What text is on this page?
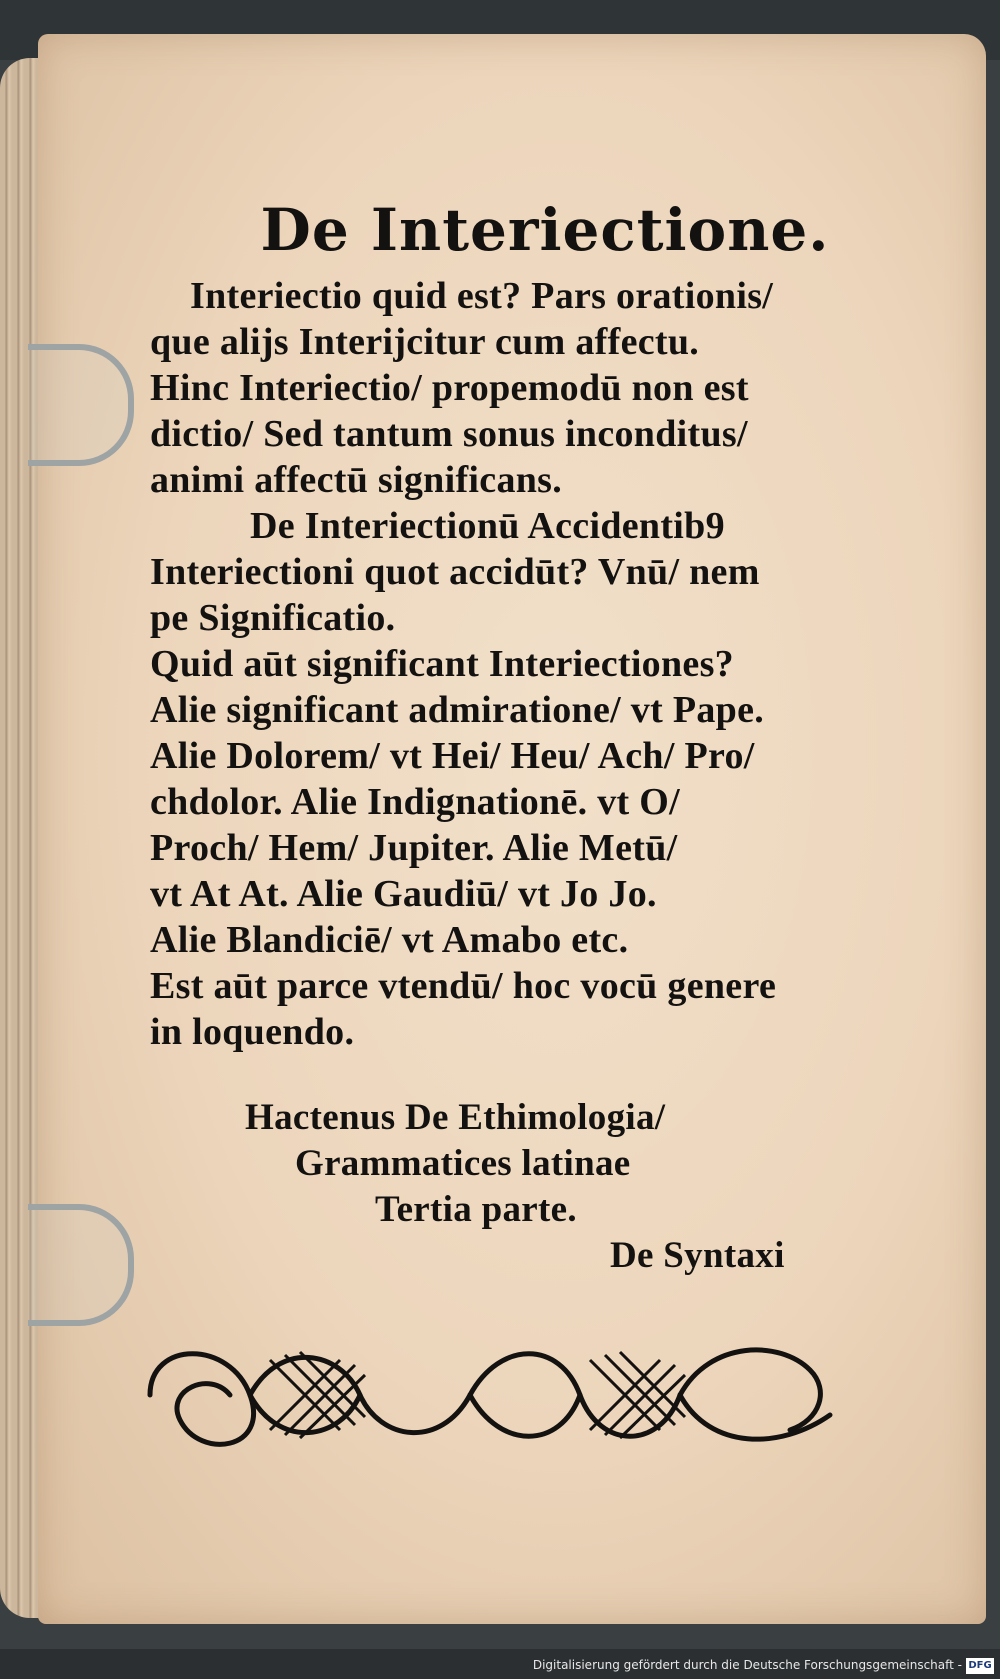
De Interiectione.
Interiectio quid est? Pars orationis/
que alijs Interijcitur cum affectu.
Hinc Interiectio/ propemodū non est
dictio/ Sed tantum sonus inconditus/
animi affectū significans.
De Interiectionū Accidentib9
Interiectioni quot accidūt? Vnū/ nem
pe Significatio.
Quid aūt significant Interiectiones?
Alie significant admiratione/ vt Pape.
Alie Dolorem/ vt Hei/ Heu/ Ach/ Pro/
chdolor. Alie Indignationē. vt O/
Proch/ Hem/ Jupiter. Alie Metū/
vt At At. Alie Gaudiū/ vt Jo Jo.
Alie Blandiciē/ vt Amabo etc.
Est aūt parce vtendū/ hoc vocū genere
in loquendo.
Hactenus De Ethimologia/
Grammatices latinae
Tertia parte.
De Syntaxi
Digitalisierung gefördert durch die Deutsche Forschungsgemeinschaft - DFG
